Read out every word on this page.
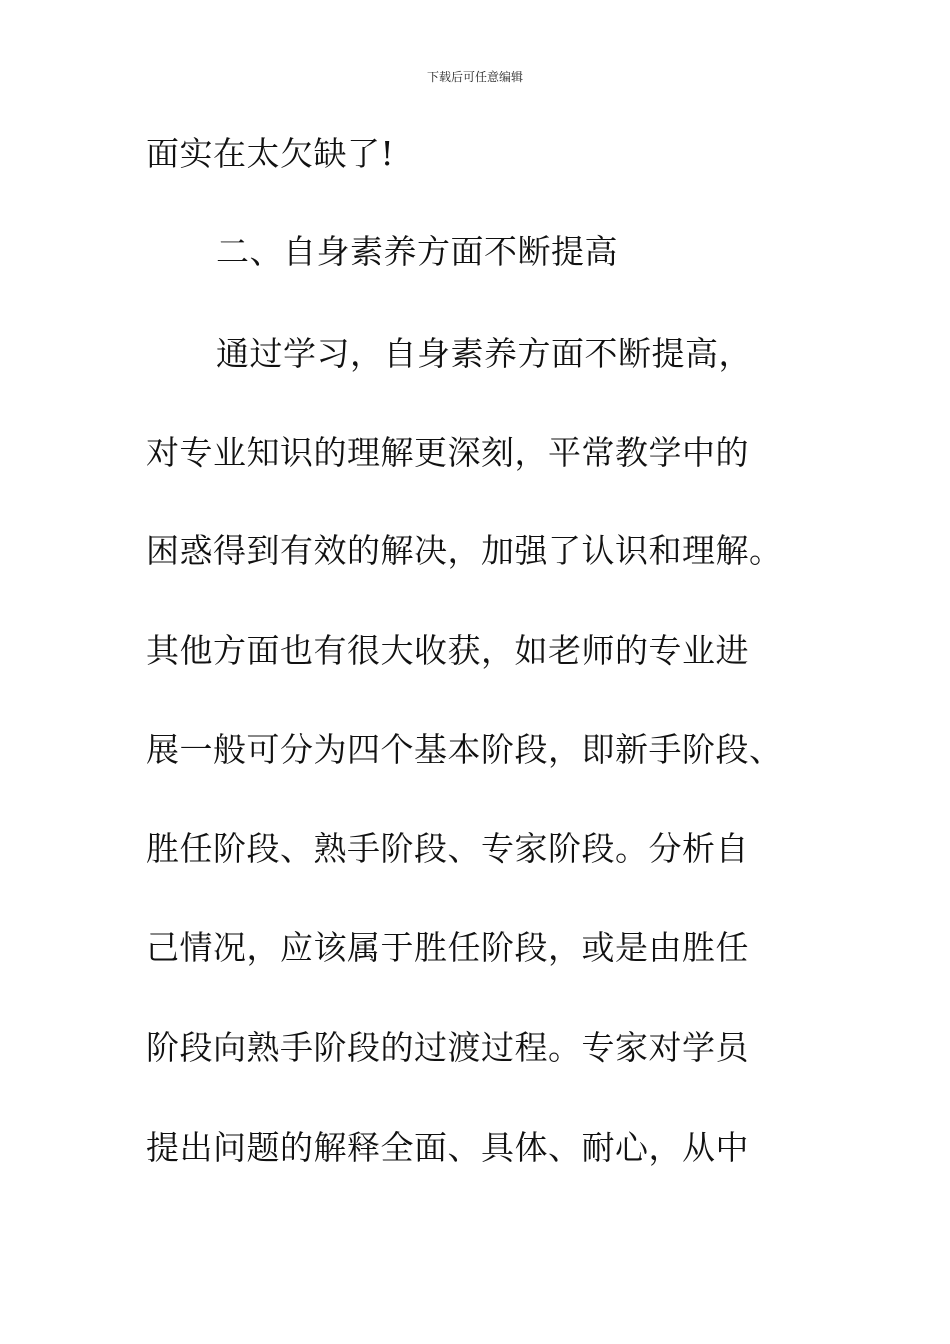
下载后可任意编辑
面实在太欠缺了!
二、自身素养方面不断提高
通过学习，自身素养方面不断提高，
对专业知识的理解更深刻，平常教学中的
困惑得到有效的解决，加强了认识和理解。
其他方面也有很大收获，如老师的专业进
展一般可分为四个基本阶段，即新手阶段、
胜任阶段、熟手阶段、专家阶段。分析自
己情况，应该属于胜任阶段，或是由胜任
阶段向熟手阶段的过渡过程。专家对学员
提出问题的解释全面、具体、耐心，从中
